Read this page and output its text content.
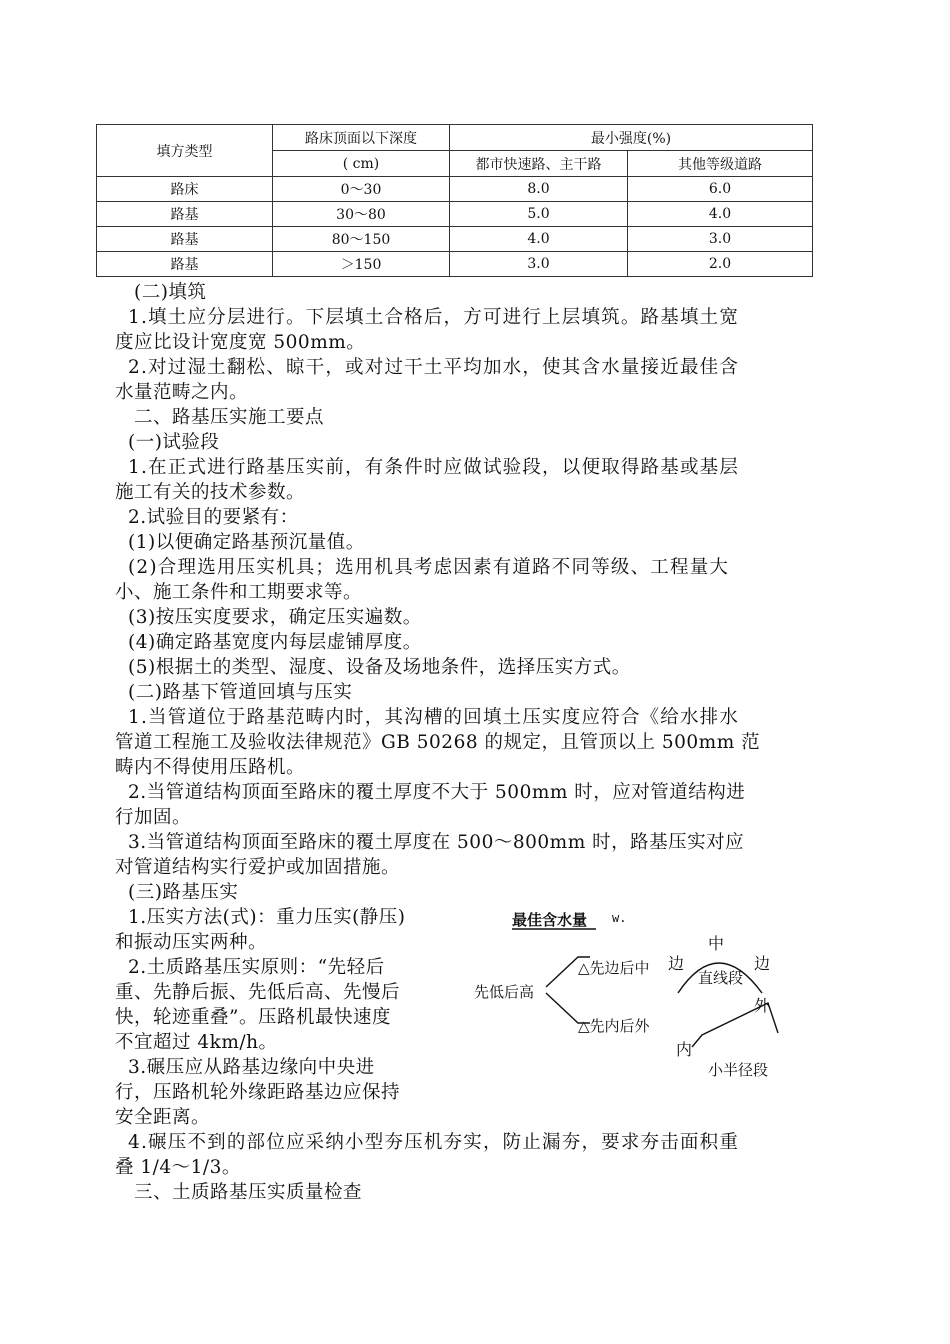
填方类型	路床顶面以下深度	最小强度(%)	
	( cm)	都市快速路、主干路	其他等级道路
路床	0～30	8.0	6.0
路基	30～80	5.0	4.0
路基	80～150	4.0	3.0
路基	＞150	3.0	2.0
(二)填筑
1.填土应分层进行。下层填土合格后，方可进行上层填筑。路基填土宽
度应比设计宽度宽 500mm。
2.对过湿土翻松、晾干，或对过干土平均加水，使其含水量接近最佳含
水量范畴之内。
二、路基压实施工要点
(一)试验段
1.在正式进行路基压实前，有条件时应做试验段，以便取得路基或基层
施工有关的技术参数。
2.试验目的要紧有：
(1)以便确定路基预沉量值。
(2)合理选用压实机具；选用机具考虑因素有道路不同等级、工程量大
小、施工条件和工期要求等。
(3)按压实度要求，确定压实遍数。
(4)确定路基宽度内每层虚铺厚度。
(5)根据土的类型、湿度、设备及场地条件，选择压实方式。
(二)路基下管道回填与压实
1.当管道位于路基范畴内时，其沟槽的回填土压实度应符合《给水排水
管道工程施工及验收法律规范》GB 50268 的规定，且管顶以上 500mm 范
畴内不得使用压路机。
2.当管道结构顶面至路床的覆土厚度不大于 500mm 时，应对管道结构进
行加固。
3.当管道结构顶面至路床的覆土厚度在 500～800mm 时，路基压实对应
对管道结构实行爱护或加固措施。
(三)路基压实
1.压实方法(式)：重力压实(静压)
和振动压实两种。
2.土质路基压实原则：“先轻后
重、先静后振、先低后高、先慢后
快，轮迹重叠”。压路机最快速度
不宜超过 4km/h。
3.碾压应从路基边缘向中央进
行，压路机轮外缘距路基边应保持
安全距离。
4.碾压不到的部位应采纳小型夯压机夯实，防止漏夯，要求夯击面积重
叠 1/4～1/3。
三、土质路基压实质量检查
最佳含水量 w.
先低后高
△先边后中
△先内后外
中
边	边
直线段
外
内
小半径段
